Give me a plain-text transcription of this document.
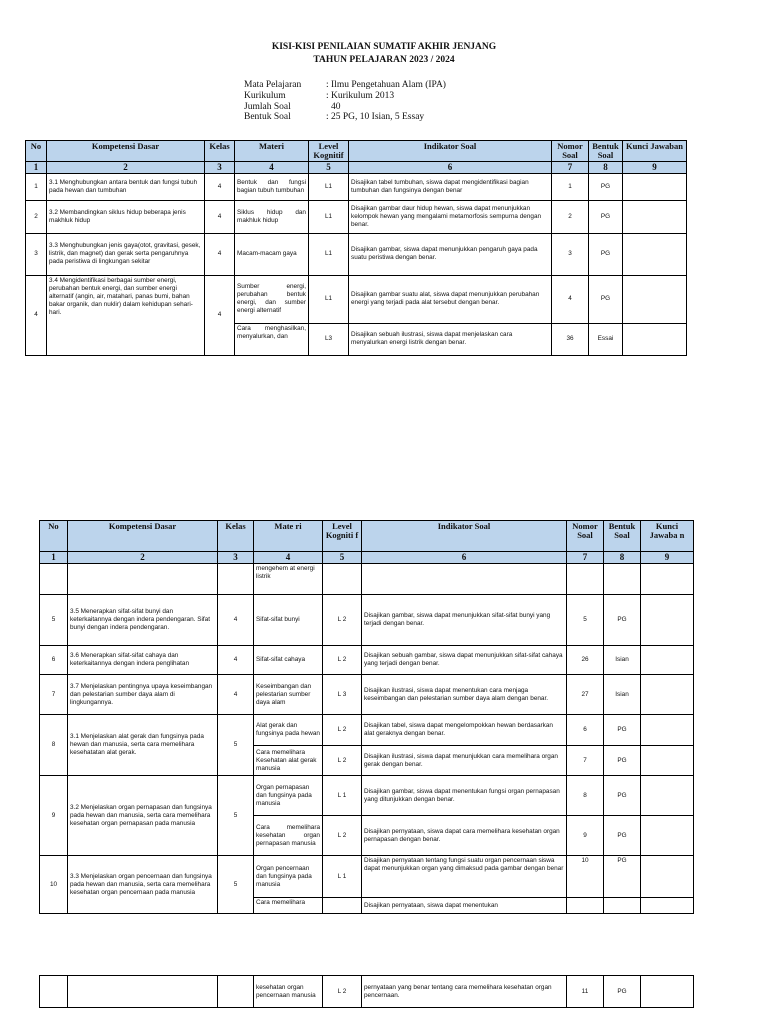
KISI-KISI PENILAIAN SUMATIF AKHIR JENJANG
TAHUN PELAJARAN 2023 / 2024
Mata Pelajaran	: Ilmu Pengetahuan Alam (IPA)
Kurikulum	: Kurikulum 2013
Jumlah Soal	40
Bentuk Soal	: 25 PG, 10 Isian, 5 Essay
No	Kompetensi Dasar	Kelas	Materi	Level Kognitif	Indikator Soal	Nomor Soal	Bentuk Soal	Kunci Jawaban
1	2	3	4	5	6	7	8	9
1	3.1 Menghubungkan antara bentuk dan fungsi tubuh pada hewan dan tumbuhan	4	Bentuk dan fungsi bagian tubuh tumbuhan	L1	Disajikan tabel tumbuhan, siswa dapat mengidentifikasi bagian tumbuhan dan fungsinya dengan benar	1	PG	
2	3.2 Membandingkan siklus hidup beberapa jenis makhluk hidup	4	Siklus hidup dan makhluk hidup	L1	Disajikan gambar daur hidup hewan, siswa dapat menunjukkan kelompok hewan yang mengalami metamorfosis sempurna dengan benar.	2	PG	
3	3.3 Menghubungkan jenis gaya(otot, gravitasi, gesek, listrik, dan magnet) dan gerak serta pengaruhnya pada peristiwa di lingkungan sekitar	4	Macam-macam gaya	L1	Disajikan gambar, siswa dapat menunjukkan pengaruh gaya pada suatu peristiwa dengan benar.	3	PG	
4	3.4 Mengidentifikasi berbagai sumber energi, perubahan bentuk energi, dan sumber energi alternatif (angin, air, matahari, panas bumi, bahan bakar organik, dan nuklir) dalam kehidupan sehari-hari.	4	Sumber energi, perubahan bentuk energi, dan sumber energi alternatif	L1	Disajikan gambar suatu alat, siswa dapat menunjukkan perubahan energi yang terjadi pada alat tersebut dengan benar.	4	PG	
			Cara menghasilkan, menyalurkan, dan	L3	Disajikan sebuah ilustrasi, siswa dapat menjelaskan cara menyalurkan energi listrik dengan benar.	36	Essai	
No	Kompetensi Dasar	Kelas	Mate ri	Level Kogniti f	Indikator Soal	Nomor Soal	Bentuk Soal	Kunci Jawaba n
1	2	3	4	5	6	7	8	9
			mengehem at energi listrik					
5	3.5 Menerapkan sifat-sifat bunyi dan keterkaitannya dengan indera pendengaran. Sifat bunyi dengan indera pendengaran.	4	Sifat-sifat bunyi	L 2	Disajikan gambar, siswa dapat menunjukkan sifat-sifat bunyi yang terjadi dengan benar.	5	PG	
6	3.6 Menerapkan sifat-sifat cahaya dan keterkaitannya dengan indera penglihatan	4	Sifat-sifat cahaya	L 2	Disajikan sebuah gambar, siswa dapat menunjukkan sifat-sifat cahaya yang terjadi dengan benar.	26	Isian	
7	3.7 Menjelaskan pentingnya upaya keseimbangan dan pelestarian sumber daya alam di lingkungannya.	4	Keseimbangan dan pelestarian sumber daya alam	L 3	Disajikan ilustrasi, siswa dapat menentukan cara menjaga keseimbangan dan pelestarian sumber daya alam dengan benar.	27	Isian	
8	3.1 Menjelaskan alat gerak dan fungsinya pada hewan dan manusia, serta cara memelihara kesehatatan alat gerak.	5	Alat gerak dan fungsinya pada hewan	L 2	Disajikan tabel, siswa dapat mengelompokkan hewan berdasarkan alat geraknya dengan benar.	6	PG	
			Cara memelihara Kesehatan alat gerak manusia	L 2	Disajikan ilustrasi, siswa dapat menunjukkan cara memelihara organ gerak dengan benar.	7	PG	
9	3.2 Menjelaskan organ pernapasan dan fungsinya pada hewan dan manusia, serta cara memelihara kesehatan organ pernapasan pada manusia	5	Organ pernapasan dan fungsinya pada manusia	L 1	Disajikan gambar, siswa dapat menentukan fungsi organ pernapasan yang ditunjukkan dengan benar.	8	PG	
			Cara memelihara kesehatan organ pernapasan manusia	L 2	Disajikan pernyataan, siswa dapat cara memelihara kesehatan organ pernapasan dengan benar.	9	PG	
10	3.3 Menjelaskan organ pencernaan dan fungsinya pada hewan dan manusia, serta cara memelihara kesehatan organ pencernaan pada manusia	5	Organ pencernaan dan fungsinya pada manusia	L 1	Disajikan pernyataan tentang fungsi suatu organ pencernaan siswa dapat menunjukkan organ yang dimaksud pada gambar dengan benar	10	PG	
			Cara memelihara		Disajikan pernyataan, siswa dapat menentukan			
			kesehatan organ pencernaan manusia	L 2	pernyataan yang benar tentang cara memelihara kesehatan organ pencernaan.	11	PG	
